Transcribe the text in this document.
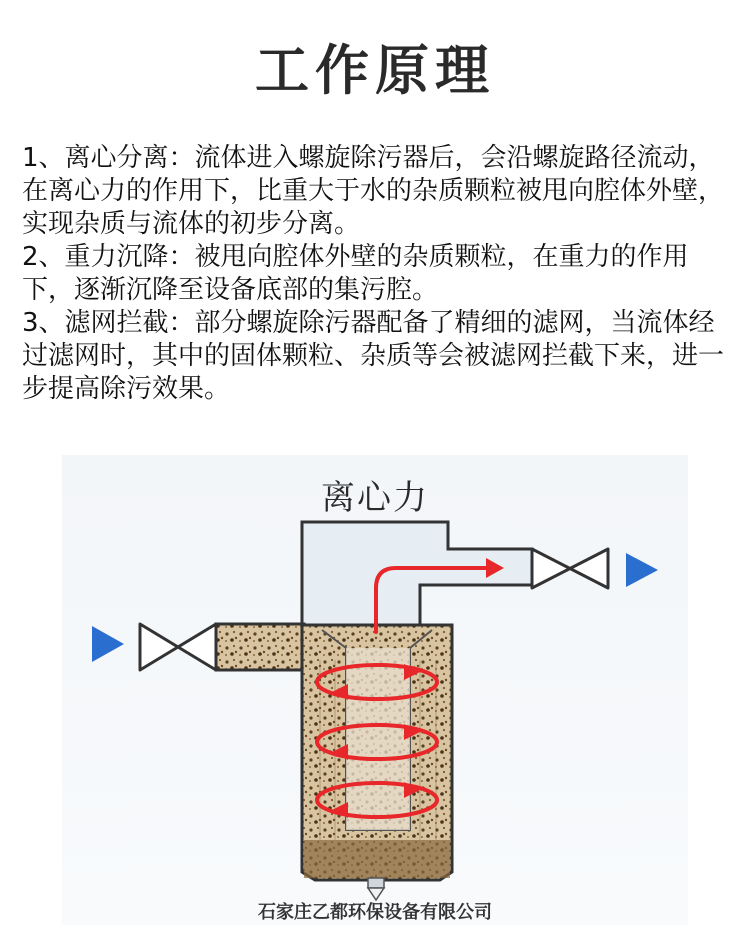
工作原理

1、离心分离：流体进入螺旋除污器后，会沿螺旋路径流动，在离心力的作用下，比重大于水的杂质颗粒被甩向腔体外壁，实现杂质与流体的初步分离。

2、重力沉降：被甩向腔体外壁的杂质颗粒，在重力的作用下，逐渐沉降至设备底部的集污腔。

3、滤网拦截：部分螺旋除污器配备了精细的滤网，当流体经过滤网时，其中的固体颗粒、杂质等会被滤网拦截下来，进一步提高除污效果。

离心力
石家庄乙都环保设备有限公司
